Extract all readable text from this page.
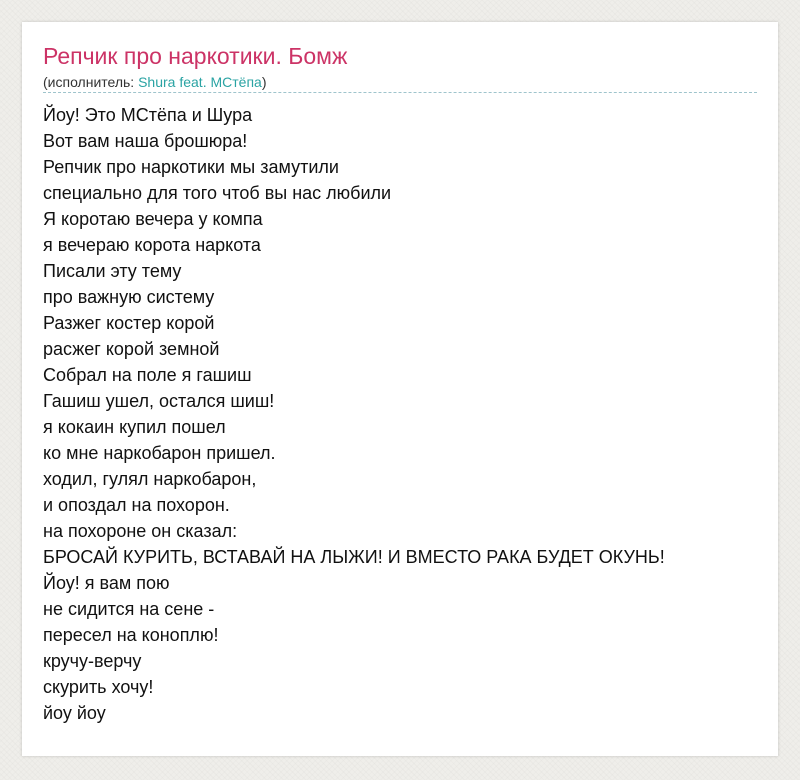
Репчик про наркотики. Бомж
(исполнитель: Shura feat. МСтёпа)
Йоу! Это МСтёпа и Шура
Вот вам наша брошюра!
Репчик про наркотики мы замутили
специально для того чтоб вы нас любили
Я коротаю вечера у компа
я вечераю корота наркота
Писали эту тему
про важную систему
Разжег костер корой
расжег корой земной
Собрал на поле я гашиш
Гашиш ушел, остался шиш!
я кокаин купил пошел
ко мне наркобарон пришел.
ходил, гулял наркобарон,
и опоздал на похорон.
на похороне он сказал:
БРОСАЙ КУРИТЬ, ВСТАВАЙ НА ЛЫЖИ! И ВМЕСТО РАКА БУДЕТ ОКУНЬ!
Йоу! я вам пою
не сидится на сене -
пересел на коноплю!
кручу-верчу
скурить хочу!
йоу йоу
